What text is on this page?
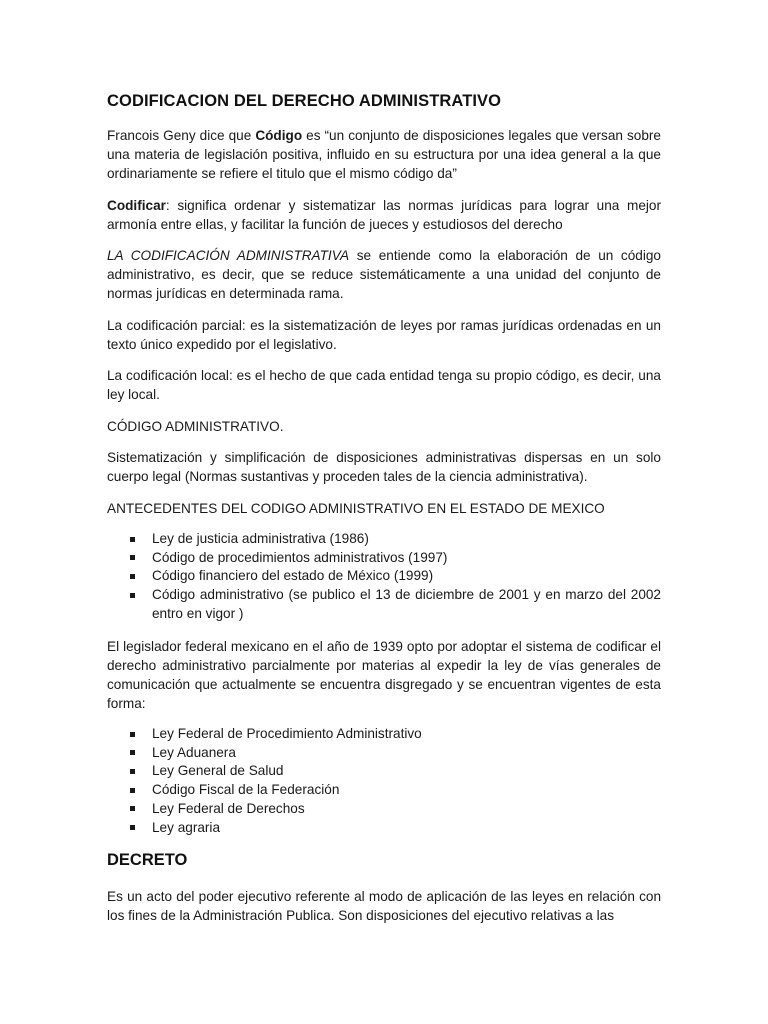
CODIFICACION DEL DERECHO ADMINISTRATIVO

Francois Geny dice que Código es “un conjunto de disposiciones legales que versan sobre una materia de legislación positiva, influido en su estructura por una idea general a la que ordinariamente se refiere el titulo que el mismo código da”

Codificar: significa ordenar y sistematizar las normas jurídicas para lograr una mejor armonía entre ellas, y facilitar la función de jueces y estudiosos del derecho

LA CODIFICACIÓN ADMINISTRATIVA se entiende como la elaboración de un código administrativo, es decir, que se reduce sistemáticamente a una unidad del conjunto de normas jurídicas en determinada rama.

La codificación parcial: es la sistematización de leyes por ramas jurídicas ordenadas en un texto único expedido por el legislativo.

La codificación local: es el hecho de que cada entidad tenga su propio código, es decir, una ley local.

CÓDIGO ADMINISTRATIVO.

Sistematización y simplificación de disposiciones administrativas dispersas en un solo cuerpo legal (Normas sustantivas y proceden tales de la ciencia administrativa).

ANTECEDENTES DEL CODIGO ADMINISTRATIVO EN EL ESTADO DE MEXICO

Ley de justicia administrativa (1986)
Código de procedimientos administrativos (1997)
Código financiero del estado de México (1999)
Código administrativo (se publico el 13 de diciembre de 2001 y en marzo del 2002 entro en vigor )

El legislador federal mexicano en el año de 1939 opto por adoptar el sistema de codificar el derecho administrativo parcialmente por materias al expedir la ley de vías generales de comunicación que actualmente se encuentra disgregado y se encuentran vigentes de esta forma:

Ley Federal de Procedimiento Administrativo
Ley Aduanera
Ley General de Salud
Código Fiscal de la Federación
Ley Federal de Derechos
Ley agraria
DECRETO

Es un acto del poder ejecutivo referente al modo de aplicación de las leyes en relación con los fines de la Administración Publica. Son disposiciones del ejecutivo relativas a las
